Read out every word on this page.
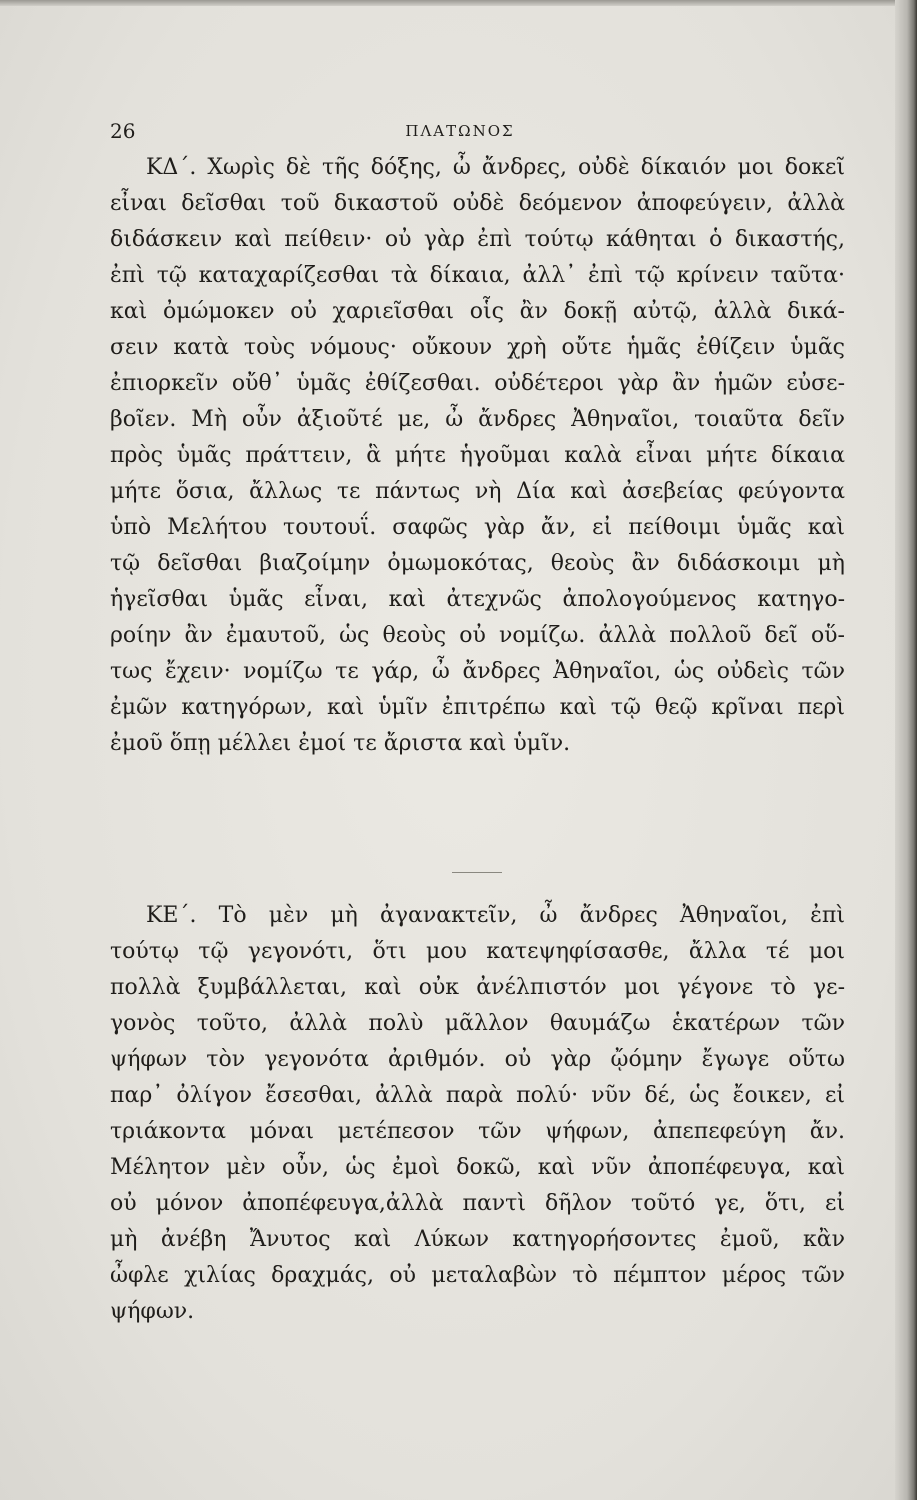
26	ΠΛΑΤΩΝΟΣ
ΚΔ΄. Χωρὶς δὲ τῆς δόξης, ὦ ἄνδρες, οὐδὲ δίκαιόν μοι δοκεῖ
εἶναι δεῖσθαι τοῦ δικαστοῦ οὐδὲ δεόμενον ἀποφεύγειν, ἀλλὰ
διδάσκειν καὶ πείθειν· οὐ γὰρ ἐπὶ τούτῳ κάθηται ὁ δικαστής,
ἐπὶ τῷ καταχαρίζεσθαι τὰ δίκαια, ἀλλ᾽ ἐπὶ τῷ κρίνειν ταῦτα·
καὶ ὀμώμοκεν οὐ χαριεῖσθαι οἷς ἂν δοκῇ αὐτῷ, ἀλλὰ δικά-
σειν κατὰ τοὺς νόμους· οὔκουν χρὴ οὔτε ἡμᾶς ἐθίζειν ὑμᾶς
ἐπιορκεῖν οὔθ᾽ ὑμᾶς ἐθίζεσθαι. οὐδέτεροι γὰρ ἂν ἡμῶν εὐσε-
βοῖεν. Μὴ οὖν ἀξιοῦτέ με, ὦ ἄνδρες Ἀθηναῖοι, τοιαῦτα δεῖν
πρὸς ὑμᾶς πράττειν, ἃ μήτε ἡγοῦμαι καλὰ εἶναι μήτε δίκαια
μήτε ὅσια, ἄλλως τε πάντως νὴ Δία καὶ ἀσεβείας φεύγοντα
ὑπὸ Μελήτου τουτουΐ. σαφῶς γὰρ ἄν, εἰ πείθοιμι ὑμᾶς καὶ
τῷ δεῖσθαι βιαζοίμην ὀμωμοκότας, θεοὺς ἂν διδάσκοιμι μὴ
ἡγεῖσθαι ὑμᾶς εἶναι, καὶ ἀτεχνῶς ἀπολογούμενος κατηγο-
ροίην ἂν ἐμαυτοῦ, ὡς θεοὺς οὐ νομίζω. ἀλλὰ πολλοῦ δεῖ οὕ-
τως ἔχειν· νομίζω τε γάρ, ὦ ἄνδρες Ἀθηναῖοι, ὡς οὐδεὶς τῶν
ἐμῶν κατηγόρων, καὶ ὑμῖν ἐπιτρέπω καὶ τῷ θεῷ κρῖναι περὶ
ἐμοῦ ὅπῃ μέλλει ἐμοί τε ἄριστα καὶ ὑμῖν.
ΚΕ΄. Τὸ μὲν μὴ ἀγανακτεῖν, ὦ ἄνδρες Ἀθηναῖοι, ἐπὶ
τούτῳ τῷ γεγονότι, ὅτι μου κατεψηφίσασθε, ἄλλα τέ μοι
πολλὰ ξυμβάλλεται, καὶ οὐκ ἀνέλπιστόν μοι γέγονε τὸ γε-
γονὸς τοῦτο, ἀλλὰ πολὺ μᾶλλον θαυμάζω ἑκατέρων τῶν
ψήφων τὸν γεγονότα ἀριθμόν. οὐ γὰρ ᾤόμην ἔγωγε οὕτω
παρ᾽ ὀλίγον ἔσεσθαι, ἀλλὰ παρὰ πολύ· νῦν δέ, ὡς ἔοικεν, εἰ
τριάκοντα μόναι μετέπεσον τῶν ψήφων, ἀπεπεφεύγη ἄν.
Μέλητον μὲν οὖν, ὡς ἐμοὶ δοκῶ, καὶ νῦν ἀποπέφευγα, καὶ
οὐ μόνον ἀποπέφευγα,ἀλλὰ παντὶ δῆλον τοῦτό γε, ὅτι, εἰ
μὴ ἀνέβη Ἄνυτος καὶ Λύκων κατηγορήσοντες ἐμοῦ, κἂν
ὦφλε χιλίας δραχμάς, οὐ μεταλαβὼν τὸ πέμπτον μέρος τῶν
ψήφων.
